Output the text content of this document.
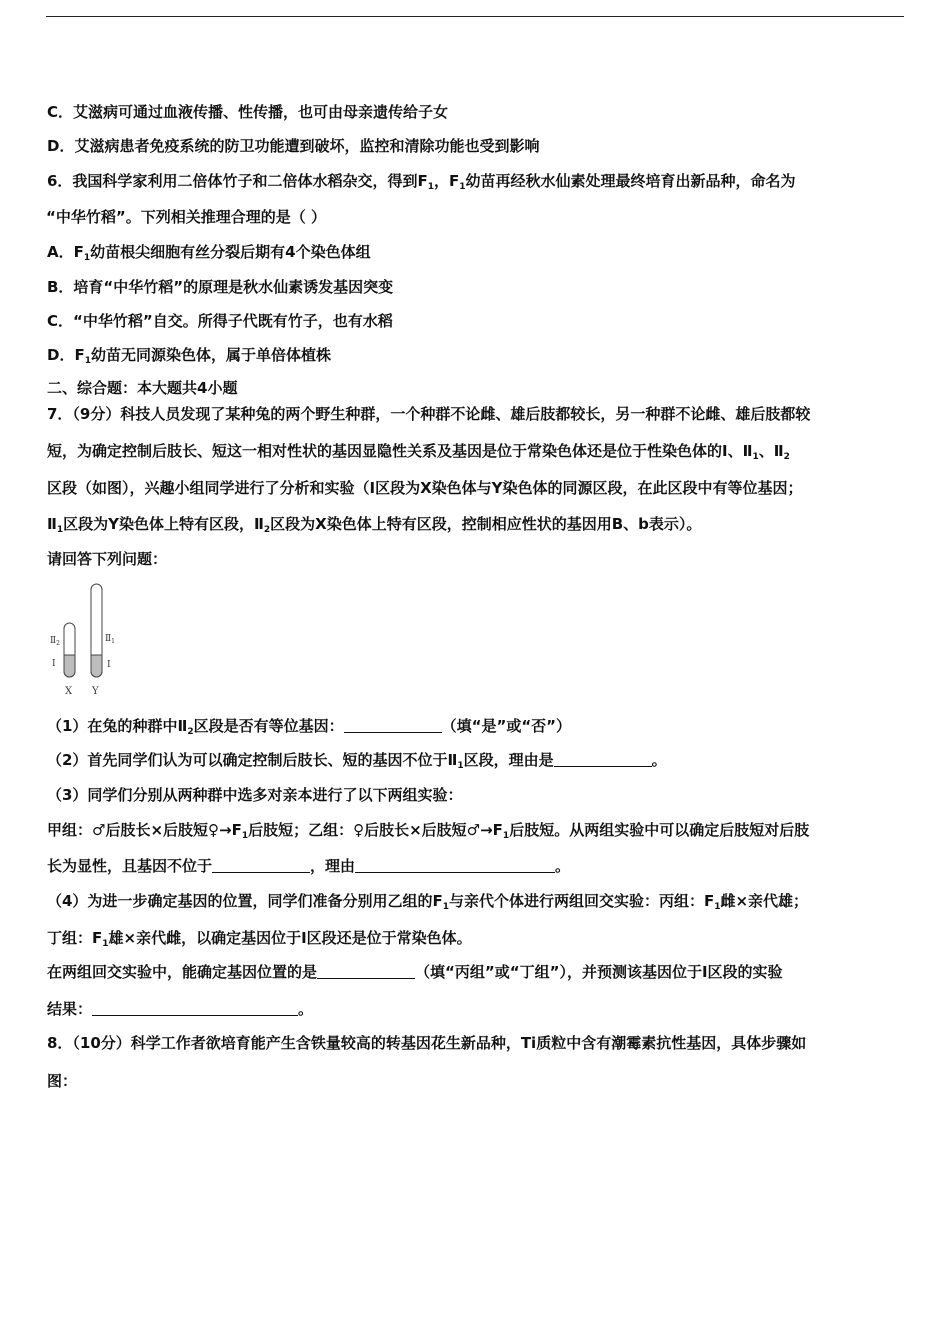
C．艾滋病可通过血液传播、性传播，也可由母亲遗传给子女
D．艾滋病患者免疫系统的防卫功能遭到破坏，监控和清除功能也受到影响
6．我国科学家利用二倍体竹子和二倍体水稻杂交，得到$F_1$，$F_1$幼苗再经秋水仙素处理最终培育出新品种，命名为
“中华竹稻”。下列相关推理合理的是（ ）
A．$F_1$幼苗根尖细胞有丝分裂后期有4个染色体组
B．培育“中华竹稻”的原理是秋水仙素诱发基因突变
C．“中华竹稻”自交。所得子代既有竹子，也有水稻
D．$F_1$幼苗无同源染色体，属于单倍体植株
二、综合题：本大题共4小题
7．（9分）科技人员发现了某种兔的两个野生种群，一个种群不论雌、雄后肢都较长，另一种群不论雌、雄后肢都较
短，为确定控制后肢长、短这一相对性状的基因显隐性关系及基因是位于常染色体还是位于性染色体的Ⅰ、$Ⅱ_1$、$Ⅱ_2$
区段（如图），兴趣小组同学进行了分析和实验（Ⅰ区段为X染色体与Y染色体的同源区段，在此区段中有等位基因；
$Ⅱ_1$区段为Y染色体上特有区段，$Ⅱ_2$区段为X染色体上特有区段，控制相应性状的基因用B、b表示）。
请回答下列问题：
$Ⅱ_2$
Ⅰ
$Ⅱ_1$
Ⅰ
X Y
（1）在兔的种群中$Ⅱ_2$区段是否有等位基因：	（填“是”或“否”）
（2）首先同学们认为可以确定控制后肢长、短的基因不位于$Ⅱ_1$区段，理由是	。
（3）同学们分别从两种群中选多对亲本进行了以下两组实验：
甲组：♂后肢长×后肢短$♀\to F_1$后肢短；乙组：♀后肢长×后肢短$♂\to F_1$后肢短。从两组实验中可以确定后肢短对后肢
长为显性，且基因不位于	，理由	。
（4）为进一步确定基因的位置，同学们准备分别用乙组的$F_1$与亲代个体进行两组回交实验：丙组：$F_1$雌×亲代雄；
丁组：$F_1$雄×亲代雌，以确定基因位于Ⅰ区段还是位于常染色体。
在两组回交实验中，能确定基因位置的是	（填“丙组”或“丁组”），并预测该基因位于Ⅰ区段的实验
结果：	。
8．（10分）科学工作者欲培育能产生含铁量较高的转基因花生新品种，Ti质粒中含有潮霉素抗性基因，具体步骤如
图：
